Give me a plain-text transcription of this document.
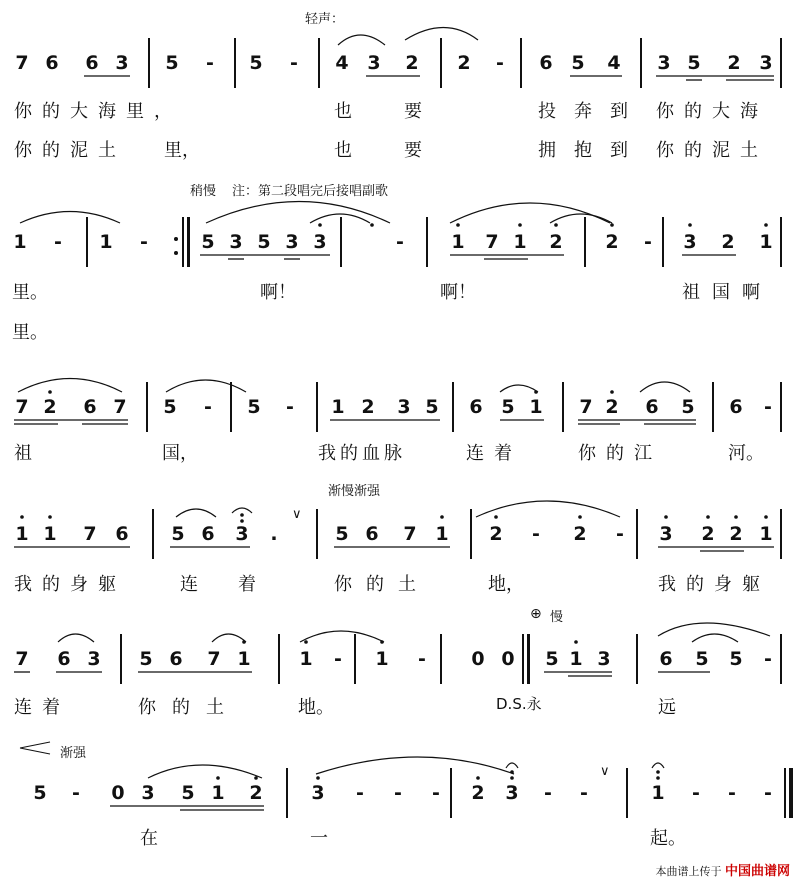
轻声：
7 6 6 3 5 - 5 - 4 3 2 2 - 6 5 4 3 5 2 3
你的大海里，	也	要	投奔到 你的大海
你的泥土 里，	也	要	拥抱到 你的泥土
稍慢 注：第二段唱完后接唱副歌
1 - 1 -	5 3 5 3 3	- 1 7 1 2 2 - 3 2 1
里。	啊！	啊！	祖国啊
里。
7 2 6 7 5 - 5 - 1 2 3 5 6 5 1 7 2 6 5 6 -
祖	国，	我的血脉	连着	你的江	河。
渐慢渐强
∨
1 1 7 6 5 6 3 .	5 6 7 1 2 - 2 - 3 2 2 1
我的身躯	连 着	你的土	地，	我的身躯
⊕ 慢
7 6 3 5 6 7 1	1 - 1 - 0 0 5 1 3	6 5 5 -
连着	你的土	地。	D.S.永	远
渐强
∨
5 - 0 3 5 1 2	3 - - - 2 3 - -	1 - - -
在	一	起。
本曲谱上传于 中国曲谱网
